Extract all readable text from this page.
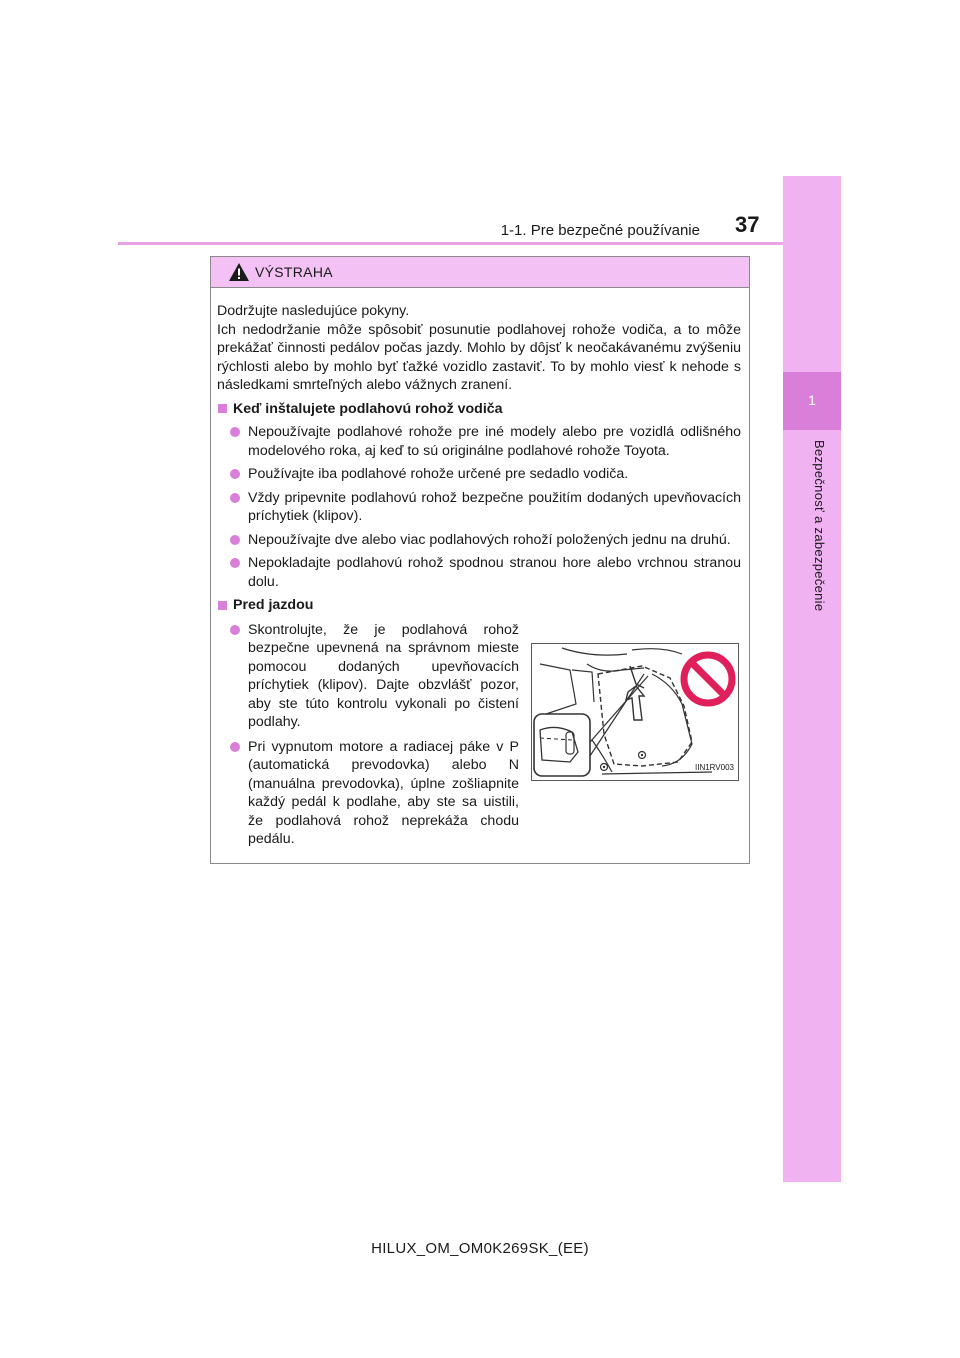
1-1. Pre bezpečné používanie 37
1
Bezpečnosť a zabezpečenie
VÝSTRAHA

Dodržujte nasledujúce pokyny.

Ich nedodržanie môže spôsobiť posunutie podlahovej rohože vodiča, a to môže prekážať činnosti pedálov počas jazdy. Mohlo by dôjsť k neočakávanému zvýšeniu rýchlosti alebo by mohlo byť ťažké vozidlo zastaviť. To by mohlo viesť k nehode s následkami smrteľných alebo vážnych zranení.

Keď inštalujete podlahovú rohož vodiča
Nepoužívajte podlahové rohože pre iné modely alebo pre vozidlá odlišného modelového roka, aj keď to sú originálne podlahové rohože Toyota.
Používajte iba podlahové rohože určené pre sedadlo vodiča.
Vždy pripevnite podlahovú rohož bezpečne použitím dodaných upevňovacích príchytiek (klipov).
Nepoužívajte dve alebo viac podlahových rohoží položených jednu na druhú.
Nepokladajte podlahovú rohož spodnou stranou hore alebo vrchnou stranou dolu.
Pred jazdou
Skontrolujte, že je podlahová rohož bezpečne upevnená na správnom mieste pomocou dodaných upevňovacích príchytiek (klipov). Dajte obzvlášť pozor, aby ste túto kontrolu vykonali po čistení podlahy.
Pri vypnutom motore a radiacej páke v P (automatická prevodovka) alebo N (manuálna prevodovka), úplne zošliapnite každý pedál k podlahe, aby ste sa uistili, že podlahová rohož neprekáža chodu pedálu.
IIN1RV003
HILUX_OM_OM0K269SK_(EE)
